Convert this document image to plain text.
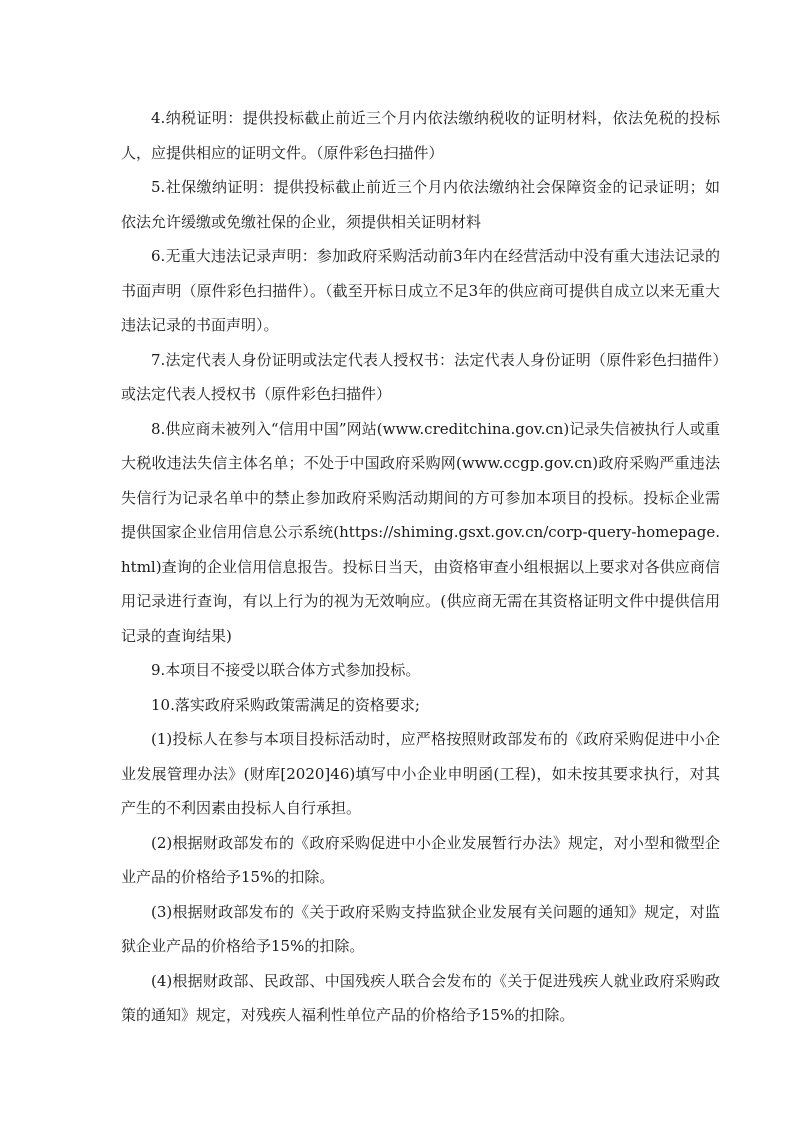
4.纳税证明：提供投标截止前近三个月内依法缴纳税收的证明材料，依法免税的投标人，应提供相应的证明文件。（原件彩色扫描件）

5.社保缴纳证明：提供投标截止前近三个月内依法缴纳社会保障资金的记录证明；如依法允许缓缴或免缴社保的企业，须提供相关证明材料

6.无重大违法记录声明：参加政府采购活动前3年内在经营活动中没有重大违法记录的书面声明（原件彩色扫描件）。（截至开标日成立不足3年的供应商可提供自成立以来无重大违法记录的书面声明）。

7.法定代表人身份证明或法定代表人授权书：法定代表人身份证明（原件彩色扫描件）或法定代表人授权书（原件彩色扫描件）

8.供应商未被列入“信用中国”网站(www.creditchina.gov.cn)记录失信被执行人或重大税收违法失信主体名单；不处于中国政府采购网(www.ccgp.gov.cn)政府采购严重违法失信行为记录名单中的禁止参加政府采购活动期间的方可参加本项目的投标。投标企业需提供国家企业信用信息公示系统(https://shiming.gsxt.gov.cn/corp-query-homepage.html)查询的企业信用信息报告。投标日当天，由资格审查小组根据以上要求对各供应商信用记录进行查询，有以上行为的视为无效响应。(供应商无需在其资格证明文件中提供信用记录的查询结果)

9.本项目不接受以联合体方式参加投标。

10.落实政府采购政策需满足的资格要求;

(1)投标人在参与本项目投标活动时，应严格按照财政部发布的《政府采购促进中小企业发展管理办法》(财库[2020]46)填写中小企业申明函(工程)，如未按其要求执行，对其产生的不利因素由投标人自行承担。

(2)根据财政部发布的《政府采购促进中小企业发展暂行办法》规定，对小型和微型企业产品的价格给予15%的扣除。

(3)根据财政部发布的《关于政府采购支持监狱企业发展有关问题的通知》规定，对监狱企业产品的价格给予15%的扣除。

(4)根据财政部、民政部、中国残疾人联合会发布的《关于促进残疾人就业政府采购政策的通知》规定，对残疾人福利性单位产品的价格给予15%的扣除。
